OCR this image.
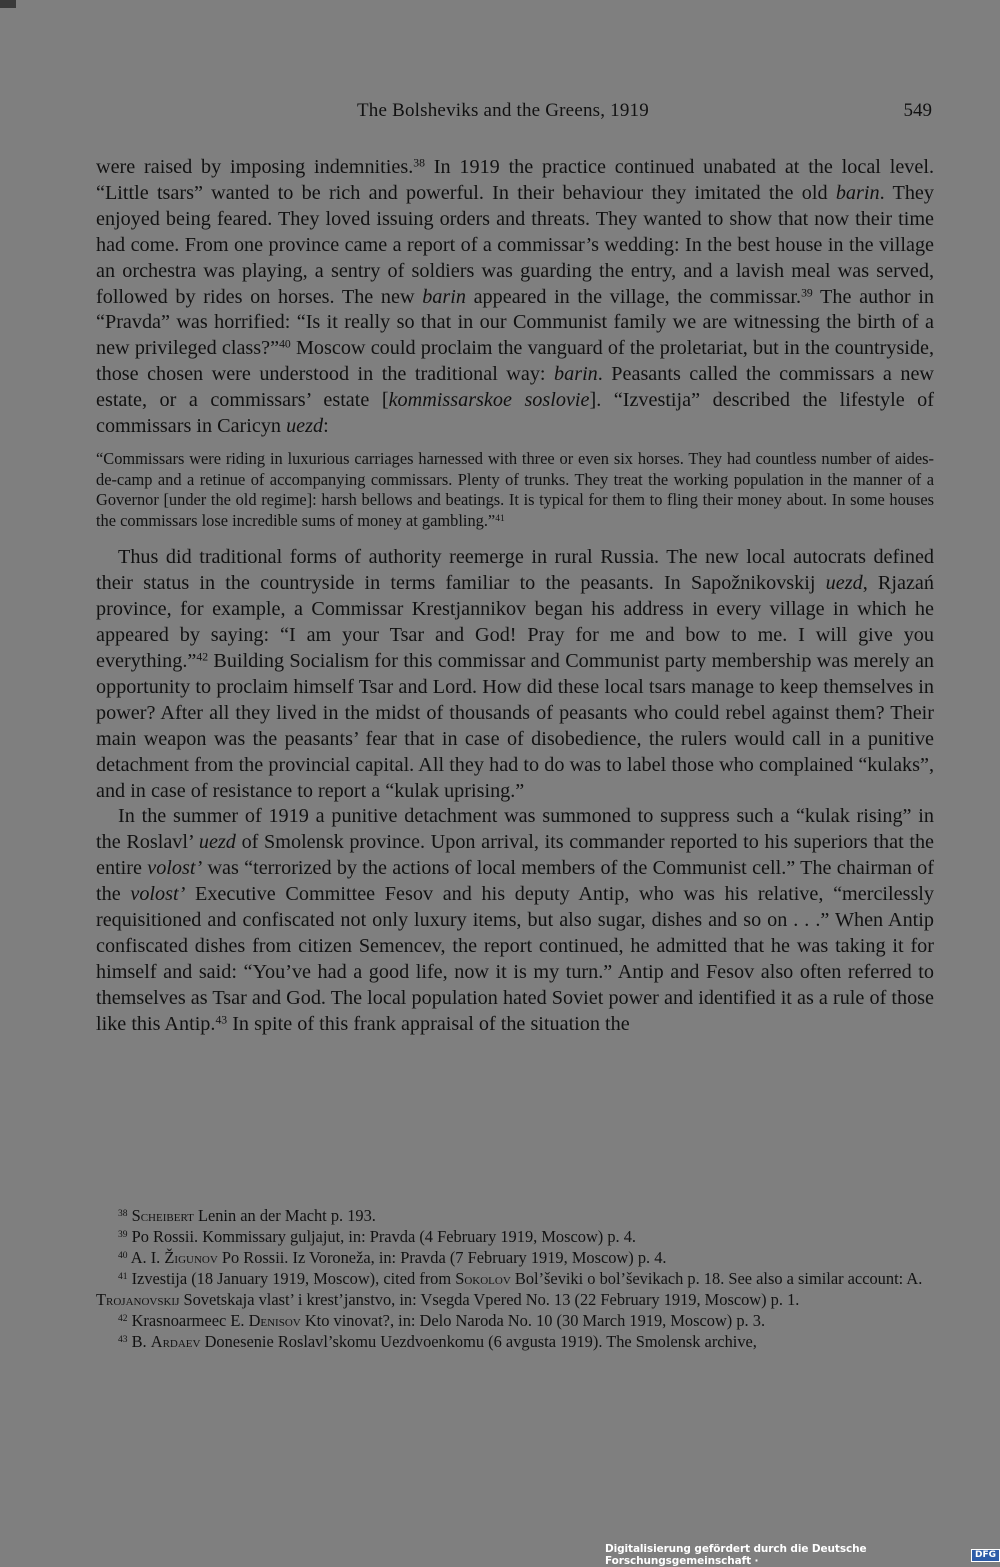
The Bolsheviks and the Greens, 1919	549

were raised by imposing indemnities.$^{38}$ In 1919 the practice continued unabated at the local level. “Little tsars” wanted to be rich and powerful. In their behaviour they imitated the old barin. They enjoyed being feared. They loved issuing orders and threats. They wanted to show that now their time had come. From one province came a report of a commissar’s wedding: In the best house in the village an orchestra was playing, a sentry of soldiers was guarding the entry, and a lavish meal was served, followed by rides on horses. The new barin appeared in the village, the commissar.$^{39}$ The author in “Pravda” was horrified: “Is it really so that in our Communist family we are witnessing the birth of a new privileged class?”$^{40}$ Moscow could proclaim the vanguard of the proletariat, but in the countryside, those chosen were understood in the traditional way: barin. Peasants called the commissars a new estate, or a commissars’ estate [kommissarskoe soslovie]. “Izvestija” described the lifestyle of commissars in Caricyn uezd:

“Commissars were riding in luxurious carriages harnessed with three or even six horses. They had countless number of aides-de-camp and a retinue of accompanying commissars. Plenty of trunks. They treat the working population in the manner of a Governor [under the old regime]: harsh bellows and beatings. It is typical for them to fling their money about. In some houses the commissars lose incredible sums of money at gambling.”$^{41}$

Thus did traditional forms of authority reemerge in rural Russia. The new local autocrats defined their status in the countryside in terms familiar to the peasants. In Sapožnikovskij uezd, Rjazań province, for example, a Commissar Krestjannikov began his address in every village in which he appeared by saying: “I am your Tsar and God! Pray for me and bow to me. I will give you everything.”$^{42}$ Building Socialism for this commissar and Communist party membership was merely an opportunity to proclaim himself Tsar and Lord. How did these local tsars manage to keep themselves in power? After all they lived in the midst of thousands of peasants who could rebel against them? Their main weapon was the peasants’ fear that in case of disobedience, the rulers would call in a punitive detachment from the provincial capital. All they had to do was to label those who complained “kulaks”, and in case of resistance to report a “kulak uprising.”

In the summer of 1919 a punitive detachment was summoned to suppress such a “kulak rising” in the Roslavl’ uezd of Smolensk province. Upon arrival, its commander reported to his superiors that the entire volost’ was “terrorized by the actions of local members of the Communist cell.” The chairman of the volost’ Executive Committee Fesov and his deputy Antip, who was his relative, “mercilessly requisitioned and confiscated not only luxury items, but also sugar, dishes and so on . . .” When Antip confiscated dishes from citizen Semencev, the report continued, he admitted that he was taking it for himself and said: “You’ve had a good life, now it is my turn.” Antip and Fesov also often referred to themselves as Tsar and God. The local population hated Soviet power and identified it as a rule of those like this Antip.$^{43}$ In spite of this frank appraisal of the situation the

$^{38}$ Scheibert Lenin an der Macht p. 193.

$^{39}$ Po Rossii. Kommissary guljajut, in: Pravda (4 February 1919, Moscow) p. 4.

$^{40}$ A. I. Žigunov Po Rossii. Iz Voroneža, in: Pravda (7 February 1919, Moscow) p. 4.

$^{41}$ Izvestija (18 January 1919, Moscow), cited from Sokolov Bol’ševiki o bol’ševikach p. 18. See also a similar account: A. Trojanovskij Sovetskaja vlast’ i krest’janstvo, in: Vsegda Vpered No. 13 (22 February 1919, Moscow) p. 1.

$^{42}$ Krasnoarmeec E. Denisov Kto vinovat?, in: Delo Naroda No. 10 (30 March 1919, Moscow) p. 3.

$^{43}$ B. Ardaev Donesenie Roslavl’skomu Uezdvoenkomu (6 avgusta 1919). The Smolensk archive,

Digitalisierung gefördert durch die Deutsche Forschungsgemeinschaft ·
DFG
